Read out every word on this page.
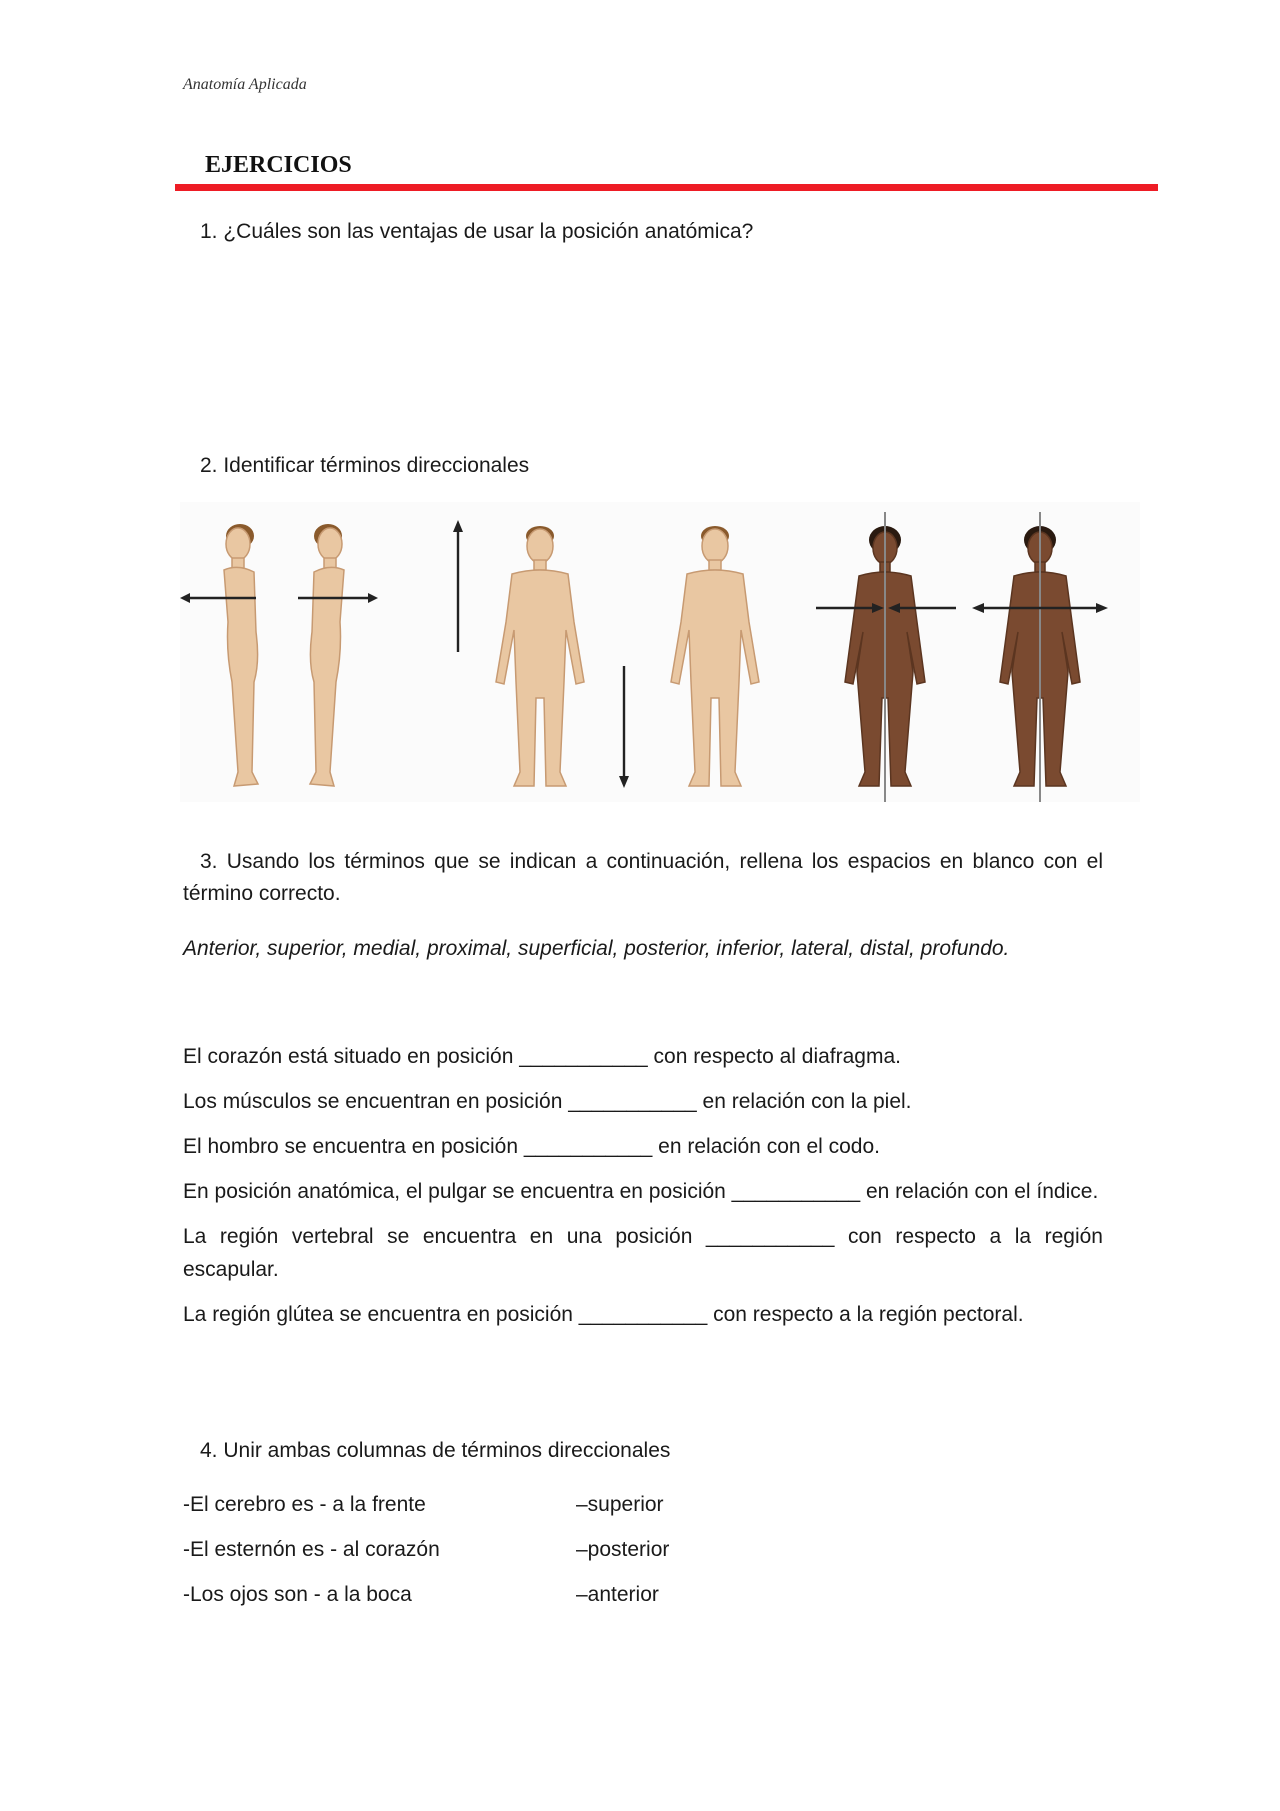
Anatomía Aplicada
EJERCICIOS
1. ¿Cuáles son las ventajas de usar la posición anatómica?
2. Identificar términos direccionales
3. Usando los términos que se indican a continuación, rellena los espacios en blanco con el término correcto.
Anterior, superior, medial, proximal, superficial, posterior, inferior, lateral, distal, profundo.
El corazón está situado en posición ___________ con respecto al diafragma.
Los músculos se encuentran en posición ___________ en relación con la piel.
El hombro se encuentra en posición ___________ en relación con el codo.
En posición anatómica, el pulgar se encuentra en posición ___________ en relación con el índice.
La región vertebral se encuentra en una posición ___________ con respecto a la región escapular.
La región glútea se encuentra en posición ___________ con respecto a la región pectoral.
4. Unir ambas columnas de términos direccionales
-El cerebro es - a la frente	–superior
-El esternón es - al corazón	–posterior
-Los ojos son - a la boca	–anterior
